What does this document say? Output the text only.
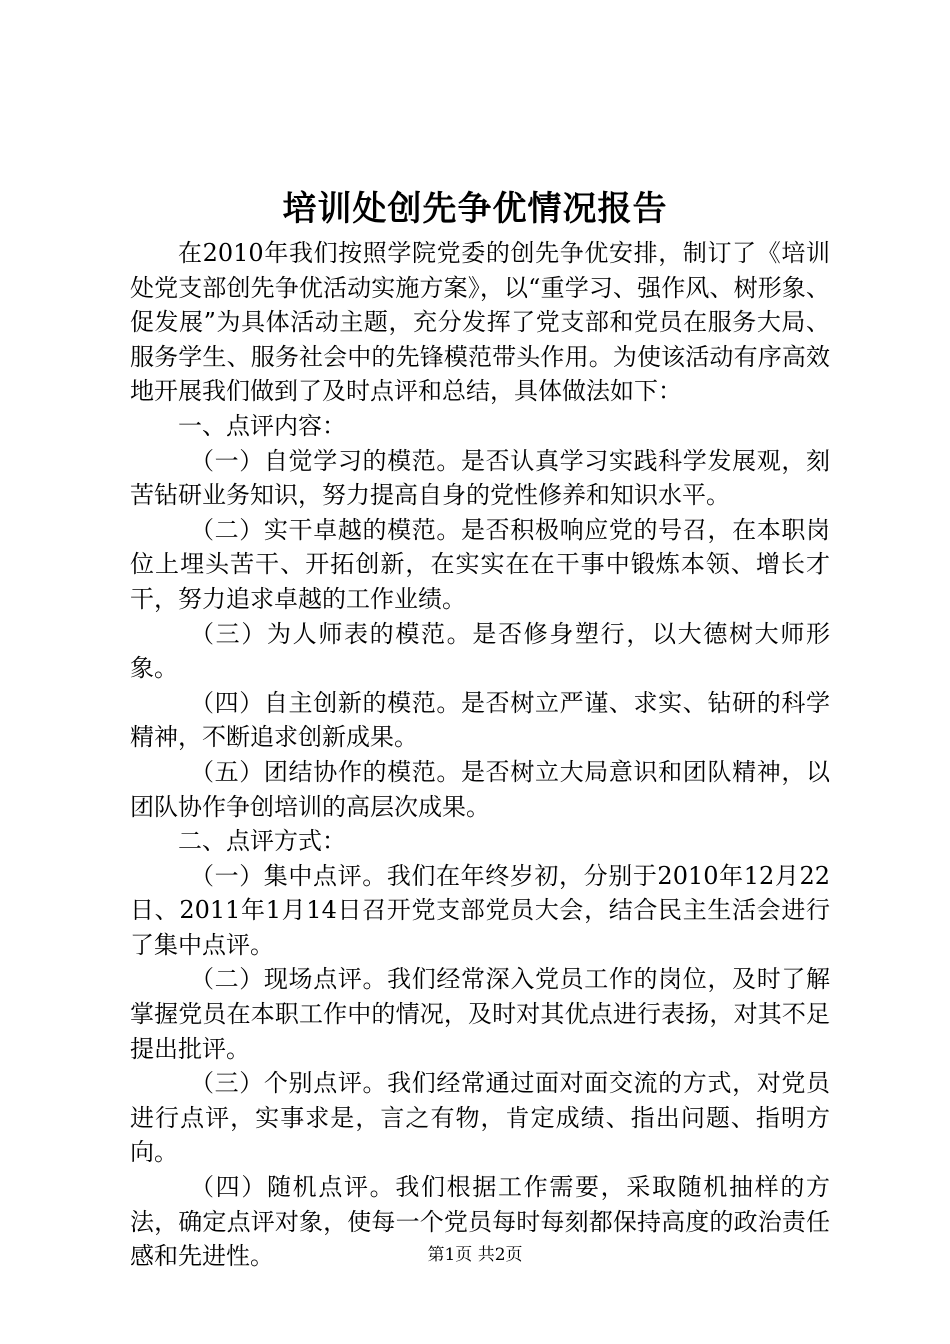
培训处创先争优情况报告

在2010年我们按照学院党委的创先争优安排，制订了《培训处党支部创先争优活动实施方案》，以“重学习、强作风、树形象、促发展”为具体活动主题，充分发挥了党支部和党员在服务大局、服务学生、服务社会中的先锋模范带头作用。为使该活动有序高效地开展我们做到了及时点评和总结，具体做法如下：

一、点评内容：

（一）自觉学习的模范。是否认真学习实践科学发展观，刻苦钻研业务知识，努力提高自身的党性修养和知识水平。

（二）实干卓越的模范。是否积极响应党的号召，在本职岗位上埋头苦干、开拓创新，在实实在在干事中锻炼本领、增长才干，努力追求卓越的工作业绩。

（三）为人师表的模范。是否修身塑行，以大德树大师形象。

（四）自主创新的模范。是否树立严谨、求实、钻研的科学精神，不断追求创新成果。

（五）团结协作的模范。是否树立大局意识和团队精神，以团队协作争创培训的高层次成果。

二、点评方式：

（一）集中点评。我们在年终岁初，分别于2010年12月22日、2011年1月14日召开党支部党员大会，结合民主生活会进行了集中点评。

（二）现场点评。我们经常深入党员工作的岗位，及时了解掌握党员在本职工作中的情况，及时对其优点进行表扬，对其不足提出批评。

（三）个别点评。我们经常通过面对面交流的方式，对党员进行点评，实事求是，言之有物，肯定成绩、指出问题、指明方向。

（四）随机点评。我们根据工作需要，采取随机抽样的方法，确定点评对象，使每一个党员每时每刻都保持高度的政治责任感和先进性。	第1页 共2页
